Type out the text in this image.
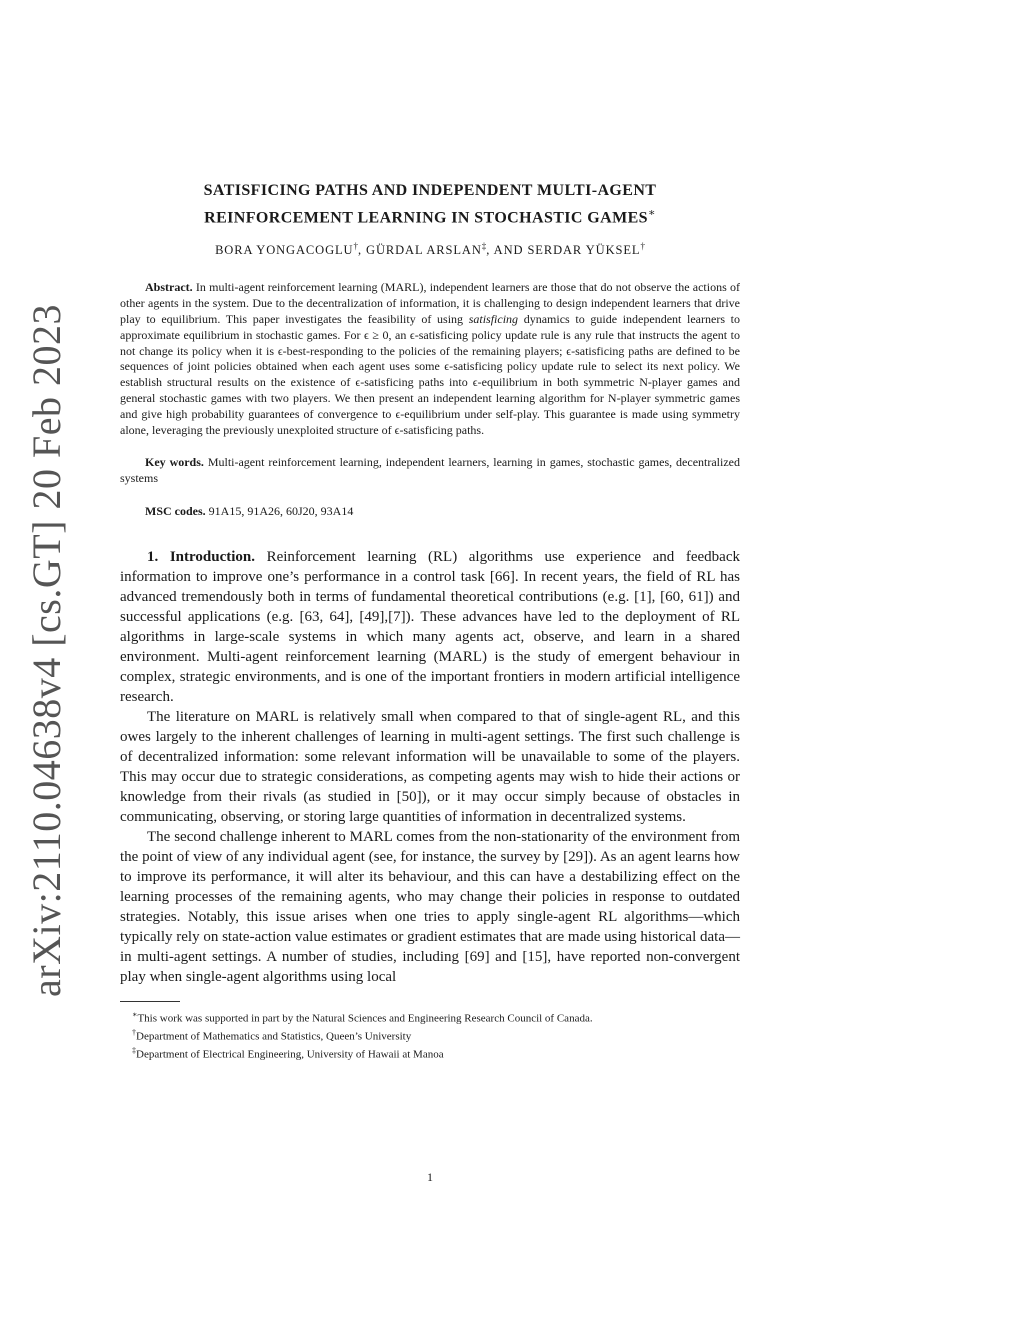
arXiv:2110.04638v4 [cs.GT] 20 Feb 2023
SATISFICING PATHS AND INDEPENDENT MULTI-AGENT
REINFORCEMENT LEARNING IN STOCHASTIC GAMES∗

BORA YONGACOGLU†, GÜRDAL ARSLAN‡, AND SERDAR YÜKSEL†

Abstract. In multi-agent reinforcement learning (MARL), independent learners are those that do not observe the actions of other agents in the system. Due to the decentralization of information, it is challenging to design independent learners that drive play to equilibrium. This paper investigates the feasibility of using satisficing dynamics to guide independent learners to approximate equilibrium in stochastic games. For ϵ ≥ 0, an ϵ-satisficing policy update rule is any rule that instructs the agent to not change its policy when it is ϵ-best-responding to the policies of the remaining players; ϵ-satisficing paths are defined to be sequences of joint policies obtained when each agent uses some ϵ-satisficing policy update rule to select its next policy. We establish structural results on the existence of ϵ-satisficing paths into ϵ-equilibrium in both symmetric N-player games and general stochastic games with two players. We then present an independent learning algorithm for N-player symmetric games and give high probability guarantees of convergence to ϵ-equilibrium under self-play. This guarantee is made using symmetry alone, leveraging the previously unexploited structure of ϵ-satisficing paths.

Key words. Multi-agent reinforcement learning, independent learners, learning in games, stochastic games, decentralized systems

MSC codes. 91A15, 91A26, 60J20, 93A14

1. Introduction. Reinforcement learning (RL) algorithms use experience and feedback information to improve one’s performance in a control task [66]. In recent years, the field of RL has advanced tremendously both in terms of fundamental theoretical contributions (e.g. [1], [60, 61]) and successful applications (e.g. [63, 64], [49],[7]). These advances have led to the deployment of RL algorithms in large-scale systems in which many agents act, observe, and learn in a shared environment. Multi-agent reinforcement learning (MARL) is the study of emergent behaviour in complex, strategic environments, and is one of the important frontiers in modern artificial intelligence research.

The literature on MARL is relatively small when compared to that of single-agent RL, and this owes largely to the inherent challenges of learning in multi-agent settings. The first such challenge is of decentralized information: some relevant information will be unavailable to some of the players. This may occur due to strategic considerations, as competing agents may wish to hide their actions or knowledge from their rivals (as studied in [50]), or it may occur simply because of obstacles in communicating, observing, or storing large quantities of information in decentralized systems.

The second challenge inherent to MARL comes from the non-stationarity of the environment from the point of view of any individual agent (see, for instance, the survey by [29]). As an agent learns how to improve its performance, it will alter its behaviour, and this can have a destabilizing effect on the learning processes of the remaining agents, who may change their policies in response to outdated strategies. Notably, this issue arises when one tries to apply single-agent RL algorithms—which typically rely on state-action value estimates or gradient estimates that are made using historical data—in multi-agent settings. A number of studies, including [69] and [15], have reported non-convergent play when single-agent algorithms using local

∗This work was supported in part by the Natural Sciences and Engineering Research Council of Canada.

†Department of Mathematics and Statistics, Queen’s University

‡Department of Electrical Engineering, University of Hawaii at Manoa

1
